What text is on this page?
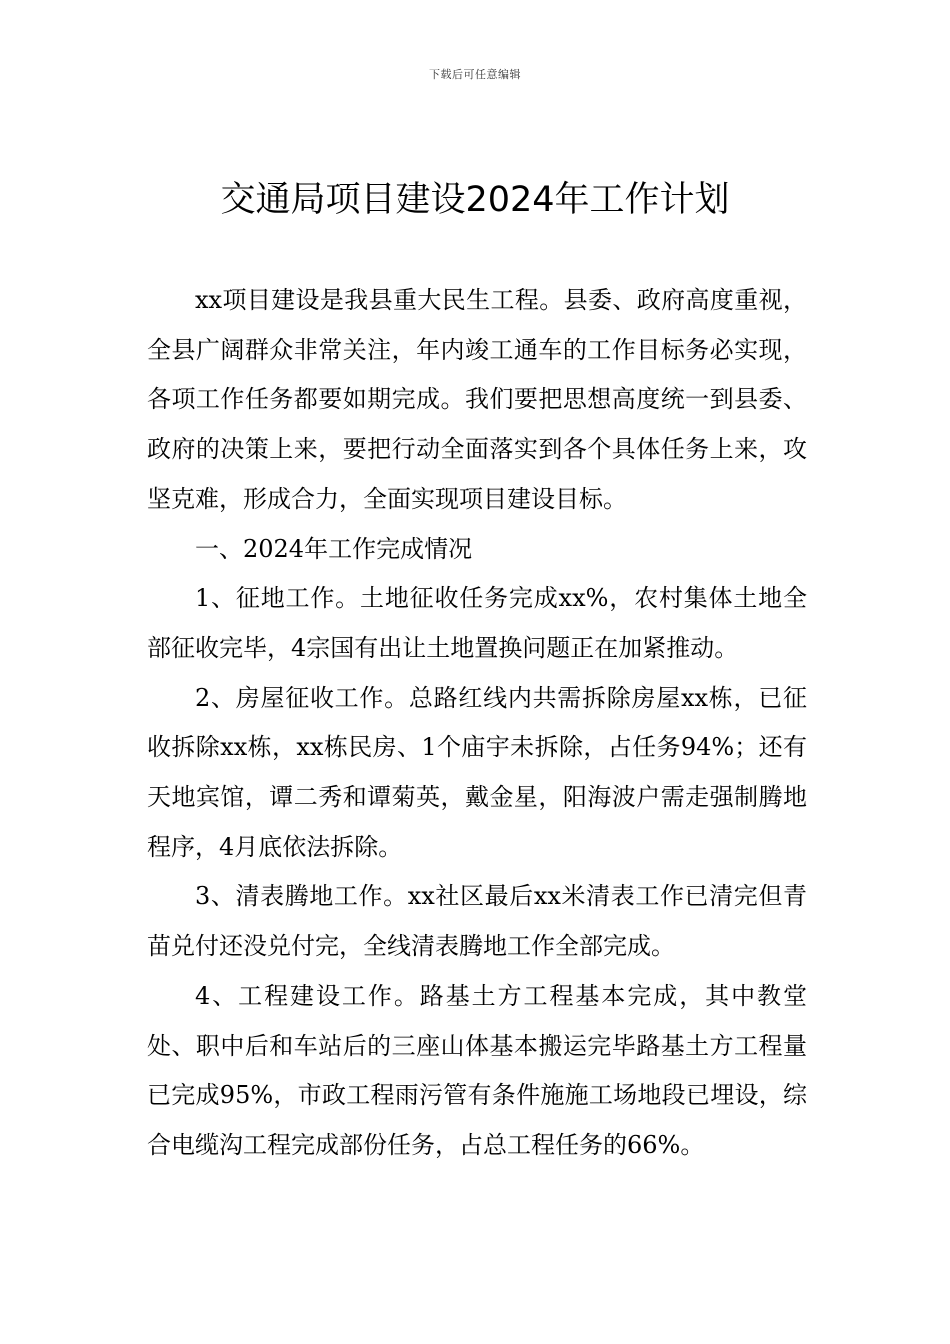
下载后可任意编辑
交通局项目建设2024年工作计划

xx项目建设是我县重大民生工程。县委、政府高度重视，全县广阔群众非常关注，年内竣工通车的工作目标务必实现，各项工作任务都要如期完成。我们要把思想高度统一到县委、政府的决策上来，要把行动全面落实到各个具体任务上来，攻坚克难，形成合力，全面实现项目建设目标。

一、2024年工作完成情况

1、征地工作。土地征收任务完成xx%，农村集体土地全部征收完毕，4宗国有出让土地置换问题正在加紧推动。

2、房屋征收工作。总路红线内共需拆除房屋xx栋，已征收拆除xx栋，xx栋民房、1个庙宇未拆除，占任务94%；还有天地宾馆，谭二秀和谭菊英，戴金星，阳海波户需走强制腾地程序，4月底依法拆除。

3、清表腾地工作。xx社区最后xx米清表工作已清完但青苗兑付还没兑付完，全线清表腾地工作全部完成。

4、工程建设工作。路基土方工程基本完成，其中教堂处、职中后和车站后的三座山体基本搬运完毕路基土方工程量已完成95%，市政工程雨污管有条件施施工场地段已埋设，综合电缆沟工程完成部份任务，占总工程任务的66%。
